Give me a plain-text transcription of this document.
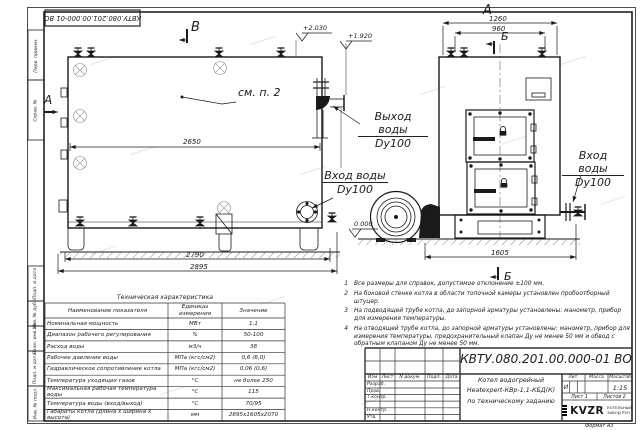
Перв. примен.
Справ. №
Подп. и дата
Инв. № дубл.
Взам. инв. №
Подп. и дата
Инв. № подл.
КВТУ.080.201.00.000-01 ВО
В
А
А
Б
Б
см. п. 2
2650
2790
2895
1260
960
1605
+2.030
+1.920
0.000
Выход воды
Dy100
Вход воды
Dy100
Вход воды
Dy100
1 Все размеры для справок, допустимое отклонение ±100 мм.
2 На боковой стенке котла в области топочной камеры установлен пробоотборный штуцер.
3 На подводящей трубе котла, до запорной арматуры установлены: манометр, прибор для измерения температуры.
4 На отводящей трубе котла, до запорной арматуры установлены: манометр, прибор для измерения температуры, предохранительный клапан Ду не менее 50 мм и обвод с обратным клапаном Ду не менее 50 мм.
Техническая характеристика
Наименование показателя
Единицы измерения	Значение
Номинальная мощность	МВт	1,1
Диапазон рабочего регулирования	%	50-100
Расход воды	м3/ч	38
Рабочее давление воды	МПа (кгс/см2)	0,6 (6,0)
Гидравлическое сопротивление котла	МПа (кгс/см2)	0,06 (0,6)
Температура уходящих газов	°С	не более 250
Максимальная рабочая температура воды
°С	115
Температура воды (вход/выход)	°С	70/95
Габариты котла (длина х ширина х высота)
мм	2895х1605х2070
КВТУ.080.201.00.000-01 ВО
Котел водогрейный
Heatexpert-КВр-1,1-КБД(К)
по техническому заданию
Изм Лист	N докум.	Подп. Дата
Разраб.
Пров.
Т.контр.
Н.контр.
Утв.
Лит.	Масса	Масштаб
И	1:15
Лист 1	Листов 2
KVZR КОТЕЛЬНЫЙ
ЗАВОД РЭП
Формат А3
